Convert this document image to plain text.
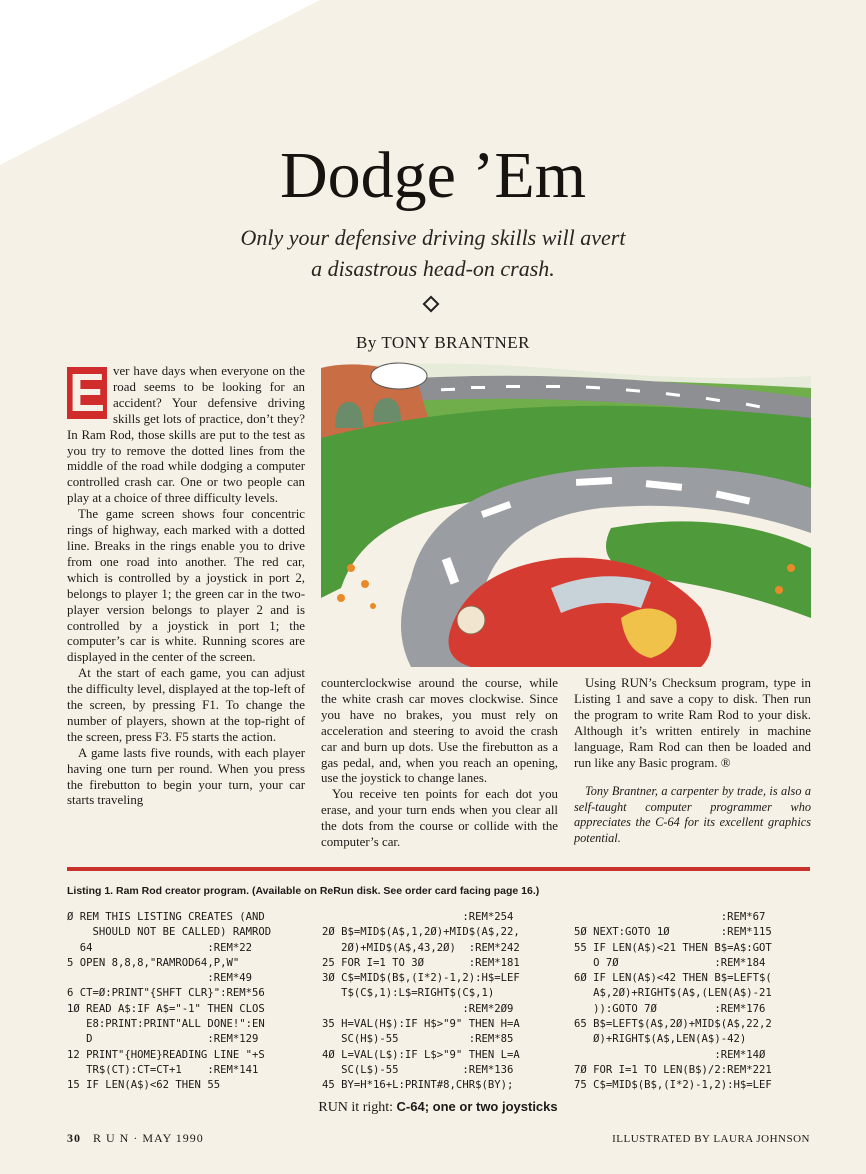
Dodge ’Em
Only your defensive driving skills will avert
a disastrous head-on crash.
By TONY BRANTNER

E ver have days when everyone on the road seems to be looking for an accident? Your defensive driving skills get lots of practice, don’t they? In Ram Rod, those skills are put to the test as you try to remove the dotted lines from the middle of the road while dodging a computer controlled crash car. One or two people can play at a choice of three difficulty levels.

The game screen shows four concentric rings of highway, each marked with a dotted line. Breaks in the rings enable you to drive from one road into another. The red car, which is controlled by a joystick in port 2, belongs to player 1; the green car in the two-player version belongs to player 2 and is controlled by a joystick in port 1; the computer’s car is white. Running scores are displayed in the center of the screen.

At the start of each game, you can adjust the difficulty level, displayed at the top-left of the screen, by pressing F1. To change the number of players, shown at the top-right of the screen, press F3. F5 starts the action.

A game lasts five rounds, with each player having one turn per round. When you press the firebutton to begin your turn, your car starts traveling

counterclockwise around the course, while the white crash car moves clockwise. Since you have no brakes, you must rely on acceleration and steering to avoid the crash car and burn up dots. Use the firebutton as a gas pedal, and, when you reach an opening, use the joystick to change lanes.

You receive ten points for each dot you erase, and your turn ends when you clear all the dots from the course or collide with the computer’s car.

Using RUN’s Checksum program, type in Listing 1 and save a copy to disk. Then run the program to write Ram Rod to your disk. Although it’s written entirely in machine language, Ram Rod can then be loaded and run like any Basic program. ®

Tony Brantner, a carpenter by trade, is also a self-taught computer programmer who appreciates the C-64 for its excellent graphics potential.

Listing 1. Ram Rod creator program. (Available on ReRun disk. See order card facing page 16.)
Ø REM THIS LISTING CREATES (AND
SHOULD NOT BE CALLED) RAMROD
64                  :REM*22
5 OPEN 8,8,8,"RAMROD64,P,W"
:REM*49
6 CT=Ø:PRINT"{SHFT CLR}":REM*56
1Ø READ A$:IF A$="-1" THEN CLOS
E8:PRINT:PRINT"ALL DONE!":EN
D                  :REM*129
12 PRINT"{HOME}READING LINE "+S
TR$(CT):CT=CT+1    :REM*141
15 IF LEN(A$)<62 THEN 55
:REM*254
2Ø B$=MID$(A$,1,2Ø)+MID$(A$,22,
2Ø)+MID$(A$,43,2Ø)  :REM*242
25 FOR I=1 TO 3Ø       :REM*181
3Ø C$=MID$(B$,(I*2)-1,2):H$=LEF
T$(C$,1):L$=RIGHT$(C$,1)
:REM*2Ø9
35 H=VAL(H$):IF H$>"9" THEN H=A
SC(H$)-55           :REM*85
4Ø L=VAL(L$):IF L$>"9" THEN L=A
SC(L$)-55          :REM*136
45 BY=H*16+L:PRINT#8,CHR$(BY);
:REM*67
5Ø NEXT:GOTO 1Ø        :REM*115
55 IF LEN(A$)<21 THEN B$=A$:GOT
O 7Ø               :REM*184
6Ø IF LEN(A$)<42 THEN B$=LEFT$(
A$,2Ø)+RIGHT$(A$,(LEN(A$)-21
)):GOTO 7Ø         :REM*176
65 B$=LEFT$(A$,2Ø)+MID$(A$,22,2
Ø)+RIGHT$(A$,LEN(A$)-42)
:REM*14Ø
7Ø FOR I=1 TO LEN(B$)/2:REM*221
75 C$=MID$(B$,(I*2)-1,2):H$=LEF
RUN it right: C-64; one or two joysticks
30 R U N · MAY 1990	ILLUSTRATED BY LAURA JOHNSON
